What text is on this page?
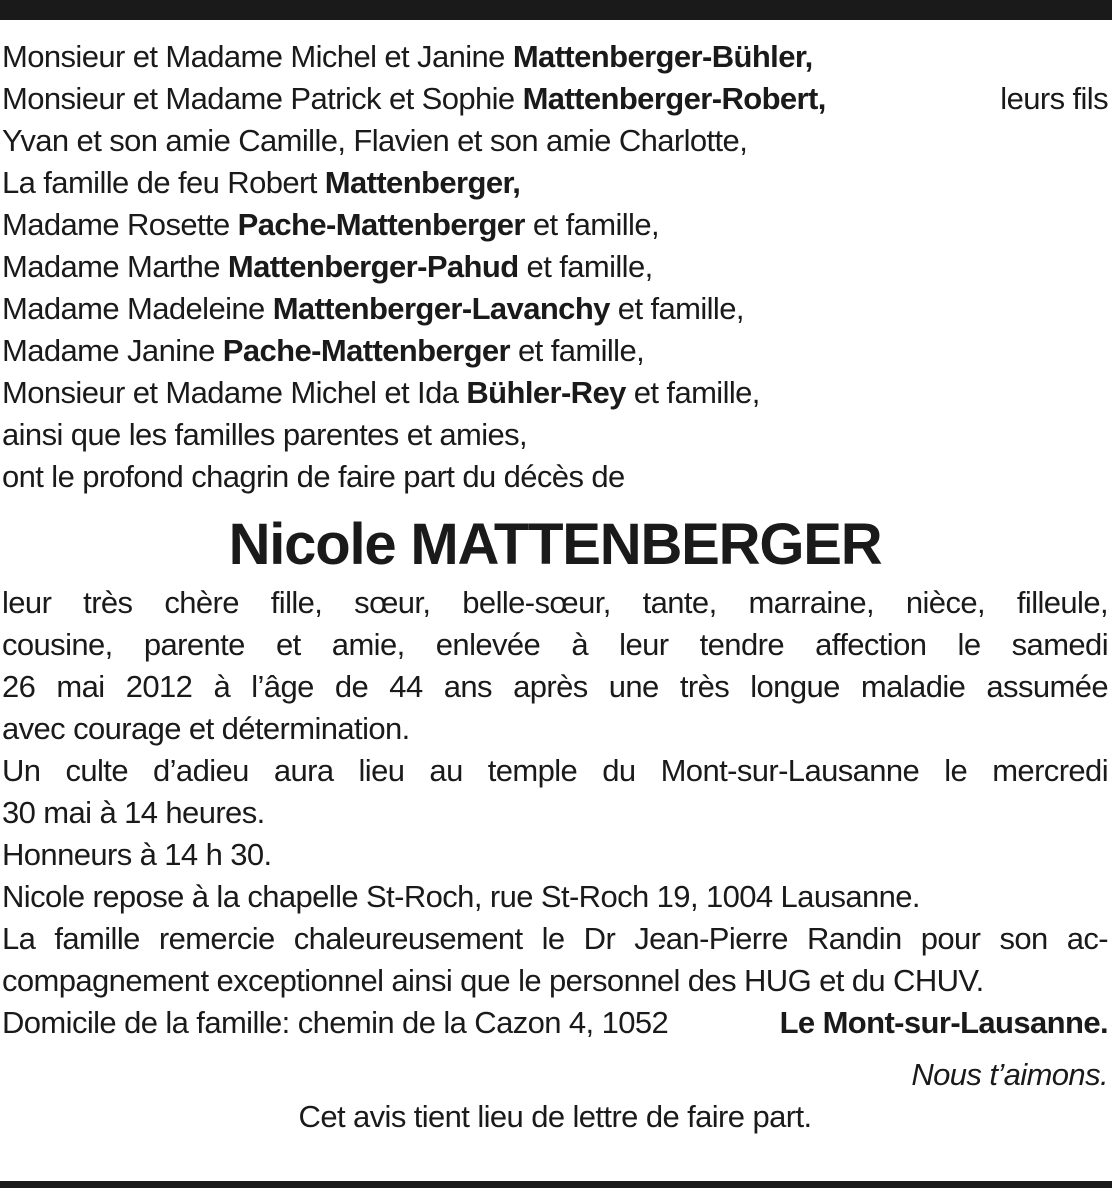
Monsieur et Madame Michel et Janine Mattenberger-Bühler,
Monsieur et Madame Patrick et Sophie Mattenberger-Robert,	leurs fils
Yvan et son amie Camille, Flavien et son amie Charlotte,
La famille de feu Robert Mattenberger,
Madame Rosette Pache-Mattenberger et famille,
Madame Marthe Mattenberger-Pahud et famille,
Madame Madeleine Mattenberger-Lavanchy et famille,
Madame Janine Pache-Mattenberger et famille,
Monsieur et Madame Michel et Ida Bühler-Rey et famille,
ainsi que les familles parentes et amies,
ont le profond chagrin de faire part du décès de
Nicole MATTENBERGER
leur très chère fille, sœur, belle-sœur, tante, marraine, nièce, filleule,
cousine, parente et amie, enlevée à leur tendre affection le samedi
26 mai 2012 à l’âge de 44 ans après une très longue maladie assumée
avec courage et détermination.
Un culte d’adieu aura lieu au temple du Mont-sur-Lausanne le mercredi
30 mai à 14 heures.
Honneurs à 14 h 30.
Nicole repose à la chapelle St-Roch, rue St-Roch 19, 1004 Lausanne.
La famille remercie chaleureusement le Dr Jean-Pierre Randin pour son ac-
compagnement exceptionnel ainsi que le personnel des HUG et du CHUV.
Domicile de la famille: chemin de la Cazon 4, 1052	Le Mont-sur-Lausanne.
Nous t’aimons.
Cet avis tient lieu de lettre de faire part.
